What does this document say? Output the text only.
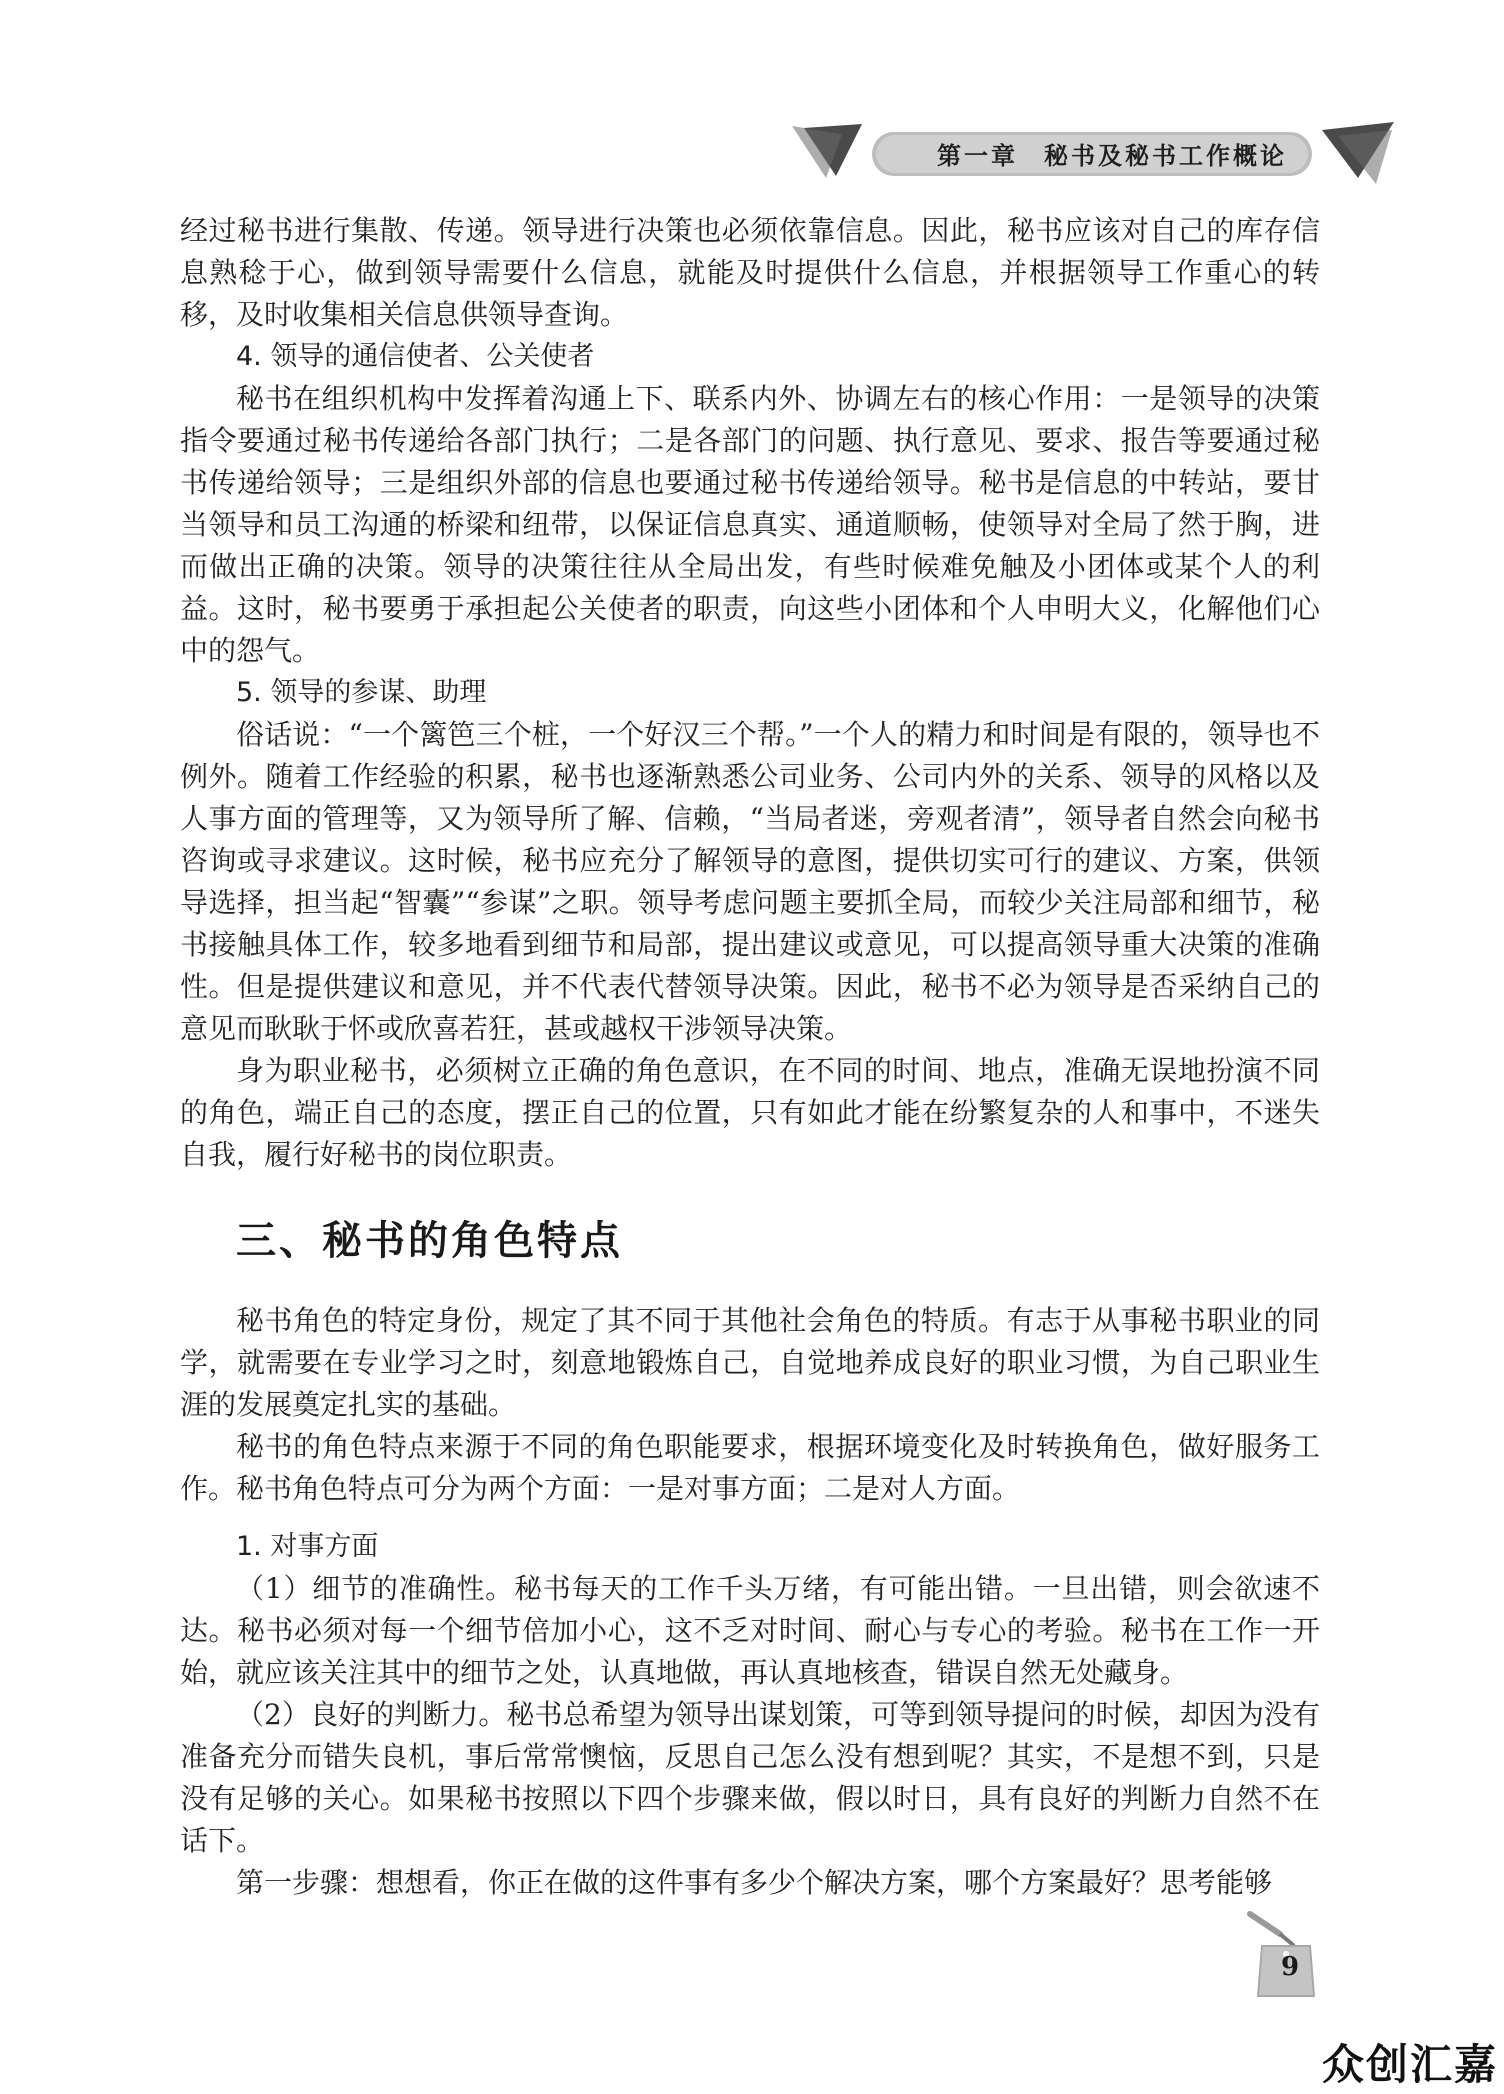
第一章 秘书及秘书工作概论

经过秘书进行集散、传递。领导进行决策也必须依靠信息。因此，秘书应该对自己的库存信息熟稔于心，做到领导需要什么信息，就能及时提供什么信息，并根据领导工作重心的转移，及时收集相关信息供领导查询。

4. 领导的通信使者、公关使者

秘书在组织机构中发挥着沟通上下、联系内外、协调左右的核心作用：一是领导的决策指令要通过秘书传递给各部门执行；二是各部门的问题、执行意见、要求、报告等要通过秘书传递给领导；三是组织外部的信息也要通过秘书传递给领导。秘书是信息的中转站，要甘当领导和员工沟通的桥梁和纽带，以保证信息真实、通道顺畅，使领导对全局了然于胸，进而做出正确的决策。领导的决策往往从全局出发，有些时候难免触及小团体或某个人的利益。这时，秘书要勇于承担起公关使者的职责，向这些小团体和个人申明大义，化解他们心中的怨气。

5. 领导的参谋、助理

俗话说：“一个篱笆三个桩，一个好汉三个帮。”一个人的精力和时间是有限的，领导也不例外。随着工作经验的积累，秘书也逐渐熟悉公司业务、公司内外的关系、领导的风格以及人事方面的管理等，又为领导所了解、信赖，“当局者迷，旁观者清”，领导者自然会向秘书咨询或寻求建议。这时候，秘书应充分了解领导的意图，提供切实可行的建议、方案，供领导选择，担当起“智囊”“参谋”之职。领导考虑问题主要抓全局，而较少关注局部和细节，秘书接触具体工作，较多地看到细节和局部，提出建议或意见，可以提高领导重大决策的准确性。但是提供建议和意见，并不代表代替领导决策。因此，秘书不必为领导是否采纳自己的意见而耿耿于怀或欣喜若狂，甚或越权干涉领导决策。

身为职业秘书，必须树立正确的角色意识，在不同的时间、地点，准确无误地扮演不同的角色，端正自己的态度，摆正自己的位置，只有如此才能在纷繁复杂的人和事中，不迷失自我，履行好秘书的岗位职责。

三、秘书的角色特点

秘书角色的特定身份，规定了其不同于其他社会角色的特质。有志于从事秘书职业的同学，就需要在专业学习之时，刻意地锻炼自己，自觉地养成良好的职业习惯，为自己职业生涯的发展奠定扎实的基础。

秘书的角色特点来源于不同的角色职能要求，根据环境变化及时转换角色，做好服务工作。秘书角色特点可分为两个方面：一是对事方面；二是对人方面。

1. 对事方面

（1）细节的准确性。秘书每天的工作千头万绪，有可能出错。一旦出错，则会欲速不达。秘书必须对每一个细节倍加小心，这不乏对时间、耐心与专心的考验。秘书在工作一开始，就应该关注其中的细节之处，认真地做，再认真地核查，错误自然无处藏身。

（2）良好的判断力。秘书总希望为领导出谋划策，可等到领导提问的时候，却因为没有准备充分而错失良机，事后常常懊恼，反思自己怎么没有想到呢？其实，不是想不到，只是没有足够的关心。如果秘书按照以下四个步骤来做，假以时日，具有良好的判断力自然不在话下。

第一步骤：想想看，你正在做的这件事有多少个解决方案，哪个方案最好？思考能够

9
众创汇嘉
